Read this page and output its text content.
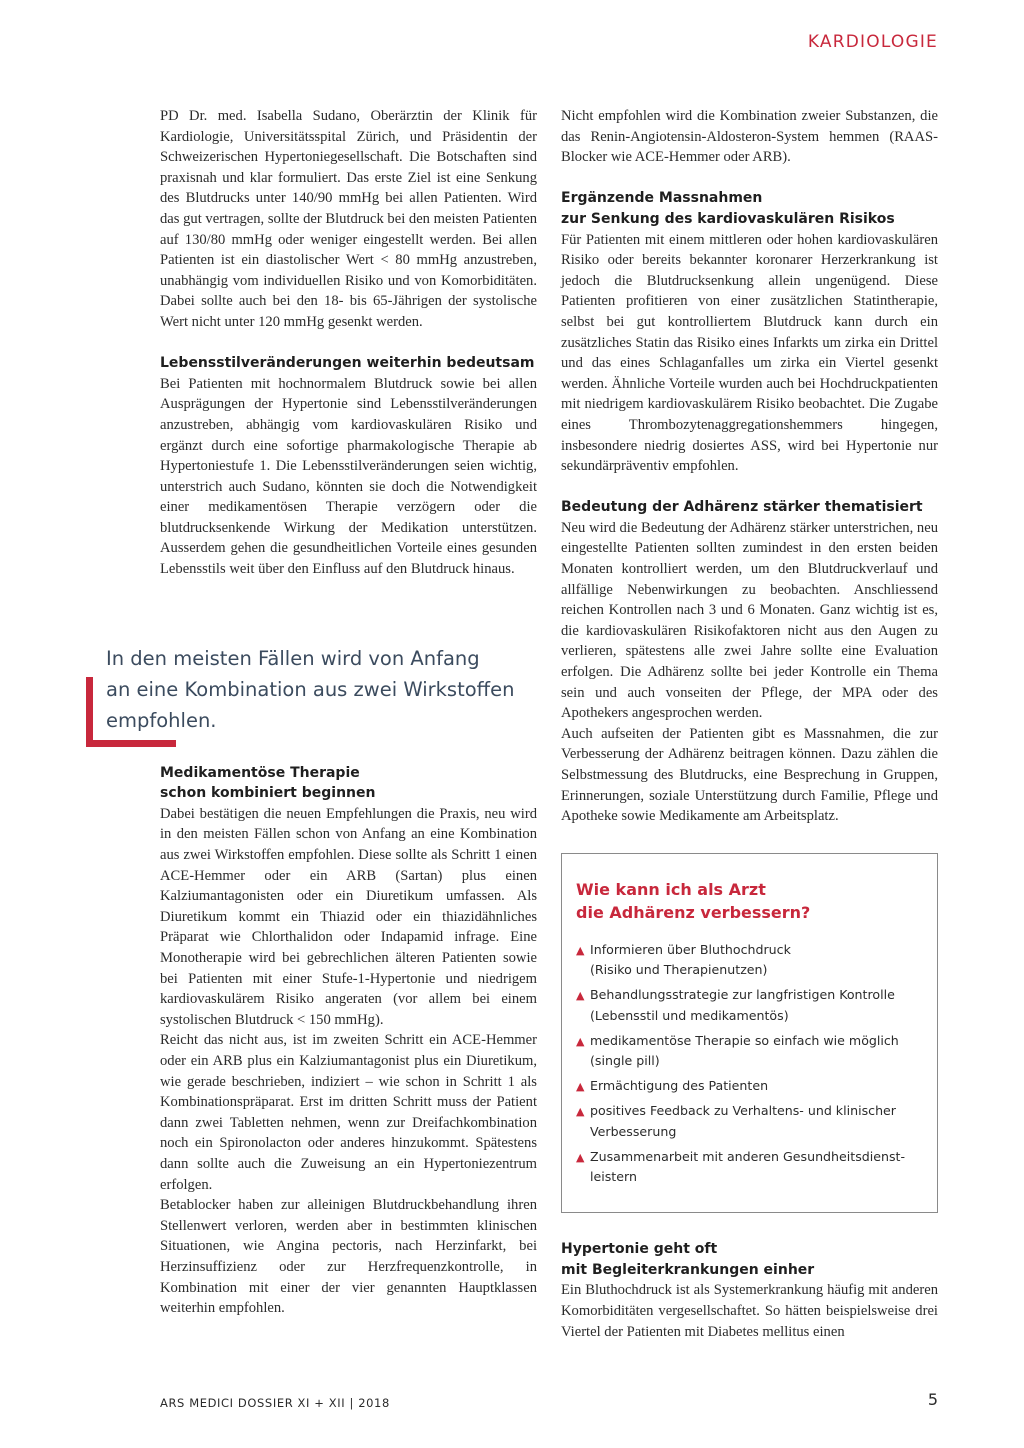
KARDIOLOGIE

PD Dr. med. Isabella Sudano, Oberärztin der Klinik für Kardiologie, Universitätsspital Zürich, und Präsidentin der Schweizerischen Hypertoniegesellschaft. Die Botschaften sind praxisnah und klar formuliert. Das erste Ziel ist eine Senkung des Blutdrucks unter 140/90 mmHg bei allen Patienten. Wird das gut vertragen, sollte der Blutdruck bei den meisten Patienten auf 130/80 mmHg oder weniger eingestellt werden. Bei allen Patienten ist ein diastolischer Wert < 80 mmHg anzustreben, unabhängig vom individuellen Risiko und von Komorbiditäten. Dabei sollte auch bei den 18- bis 65-Jährigen der systolische Wert nicht unter 120 mmHg gesenkt werden.

Lebensstilveränderungen weiterhin bedeutsam

Bei Patienten mit hochnormalem Blutdruck sowie bei allen Ausprägungen der Hypertonie sind Lebensstilveränderungen anzustreben, abhängig vom kardiovaskulären Risiko und ergänzt durch eine sofortige pharmakologische Therapie ab Hypertoniestufe 1. Die Lebensstilveränderungen seien wichtig, unterstrich auch Sudano, könnten sie doch die Notwendigkeit einer medikamentösen Therapie verzögern oder die blutdrucksenkende Wirkung der Medikation unterstützen. Ausserdem gehen die gesundheitlichen Vorteile eines gesunden Lebensstils weit über den Einfluss auf den Blutdruck hinaus.

Medikamentöse Therapie
schon kombiniert beginnen

Dabei bestätigen die neuen Empfehlungen die Praxis, neu wird in den meisten Fällen schon von Anfang an eine Kombination aus zwei Wirkstoffen empfohlen. Diese sollte als Schritt 1 einen ACE-Hemmer oder ein ARB (Sartan) plus einen Kalziumantagonisten oder ein Diuretikum umfassen. Als Diuretikum kommt ein Thiazid oder ein thiazidähnliches Präparat wie Chlorthalidon oder Indapamid infrage. Eine Monotherapie wird bei gebrechlichen älteren Patienten sowie bei Patienten mit einer Stufe-1-Hypertonie und niedrigem kardiovaskulärem Risiko angeraten (vor allem bei einem systolischen Blutdruck < 150 mmHg).

Reicht das nicht aus, ist im zweiten Schritt ein ACE-Hemmer oder ein ARB plus ein Kalziumantagonist plus ein Diuretikum, wie gerade beschrieben, indiziert – wie schon in Schritt 1 als Kombinationspräparat. Erst im dritten Schritt muss der Patient dann zwei Tabletten nehmen, wenn zur Dreifachkombination noch ein Spironolacton oder anderes hinzukommt. Spätestens dann sollte auch die Zuweisung an ein Hypertoniezentrum erfolgen.

Betablocker haben zur alleinigen Blutdruckbehandlung ihren Stellenwert verloren, werden aber in bestimmten klinischen Situationen, wie Angina pectoris, nach Herzinfarkt, bei Herzinsuffizienz oder zur Herzfrequenzkontrolle, in Kombination mit einer der vier genannten Hauptklassen weiterhin empfohlen.

In den meisten Fällen wird von Anfang
an eine Kombination aus zwei Wirkstoffen
empfohlen.

Nicht empfohlen wird die Kombination zweier Substanzen, die das Renin-Angiotensin-Aldosteron-System hemmen (RAAS-Blocker wie ACE-Hemmer oder ARB).

Ergänzende Massnahmen
zur Senkung des kardiovaskulären Risikos

Für Patienten mit einem mittleren oder hohen kardiovaskulären Risiko oder bereits bekannter koronarer Herzerkrankung ist jedoch die Blutdrucksenkung allein ungenügend. Diese Patienten profitieren von einer zusätzlichen Statintherapie, selbst bei gut kontrolliertem Blutdruck kann durch ein zusätzliches Statin das Risiko eines Infarkts um zirka ein Drittel und das eines Schlaganfalles um zirka ein Viertel gesenkt werden. Ähnliche Vorteile wurden auch bei Hochdruckpatienten mit niedrigem kardiovaskulärem Risiko beobachtet. Die Zugabe eines Thrombozytenaggregationshemmers hingegen, insbesondere niedrig dosiertes ASS, wird bei Hypertonie nur sekundärpräventiv empfohlen.

Bedeutung der Adhärenz stärker thematisiert

Neu wird die Bedeutung der Adhärenz stärker unterstrichen, neu eingestellte Patienten sollten zumindest in den ersten beiden Monaten kontrolliert werden, um den Blutdruckverlauf und allfällige Nebenwirkungen zu beobachten. Anschliessend reichen Kontrollen nach 3 und 6 Monaten. Ganz wichtig ist es, die kardiovaskulären Risikofaktoren nicht aus den Augen zu verlieren, spätestens alle zwei Jahre sollte eine Evaluation erfolgen. Die Adhärenz sollte bei jeder Kontrolle ein Thema sein und auch vonseiten der Pflege, der MPA oder des Apothekers angesprochen werden.

Auch aufseiten der Patienten gibt es Massnahmen, die zur Verbesserung der Adhärenz beitragen können. Dazu zählen die Selbstmessung des Blutdrucks, eine Besprechung in Gruppen, Erinnerungen, soziale Unterstützung durch Familie, Pflege und Apotheke sowie Medikamente am Arbeitsplatz.

Wie kann ich als Arzt
die Adhärenz verbessern?
▲ Informieren über Bluthochdruck
(Risiko und Therapienutzen)
▲ Behandlungsstrategie zur langfristigen Kontrolle
(Lebensstil und medikamentös)
▲ medikamentöse Therapie so einfach wie möglich
(single pill)
▲ Ermächtigung des Patienten
▲ positives Feedback zu Verhaltens- und klinischer
Verbesserung
▲ Zusammenarbeit mit anderen Gesundheitsdienst-
leistern
Hypertonie geht oft
mit Begleiterkrankungen einher

Ein Bluthochdruck ist als Systemerkrankung häufig mit anderen Komorbiditäten vergesellschaftet. So hätten beispielsweise drei Viertel der Patienten mit Diabetes mellitus einen

ARS MEDICI DOSSIER XI + XII | 2018	5
